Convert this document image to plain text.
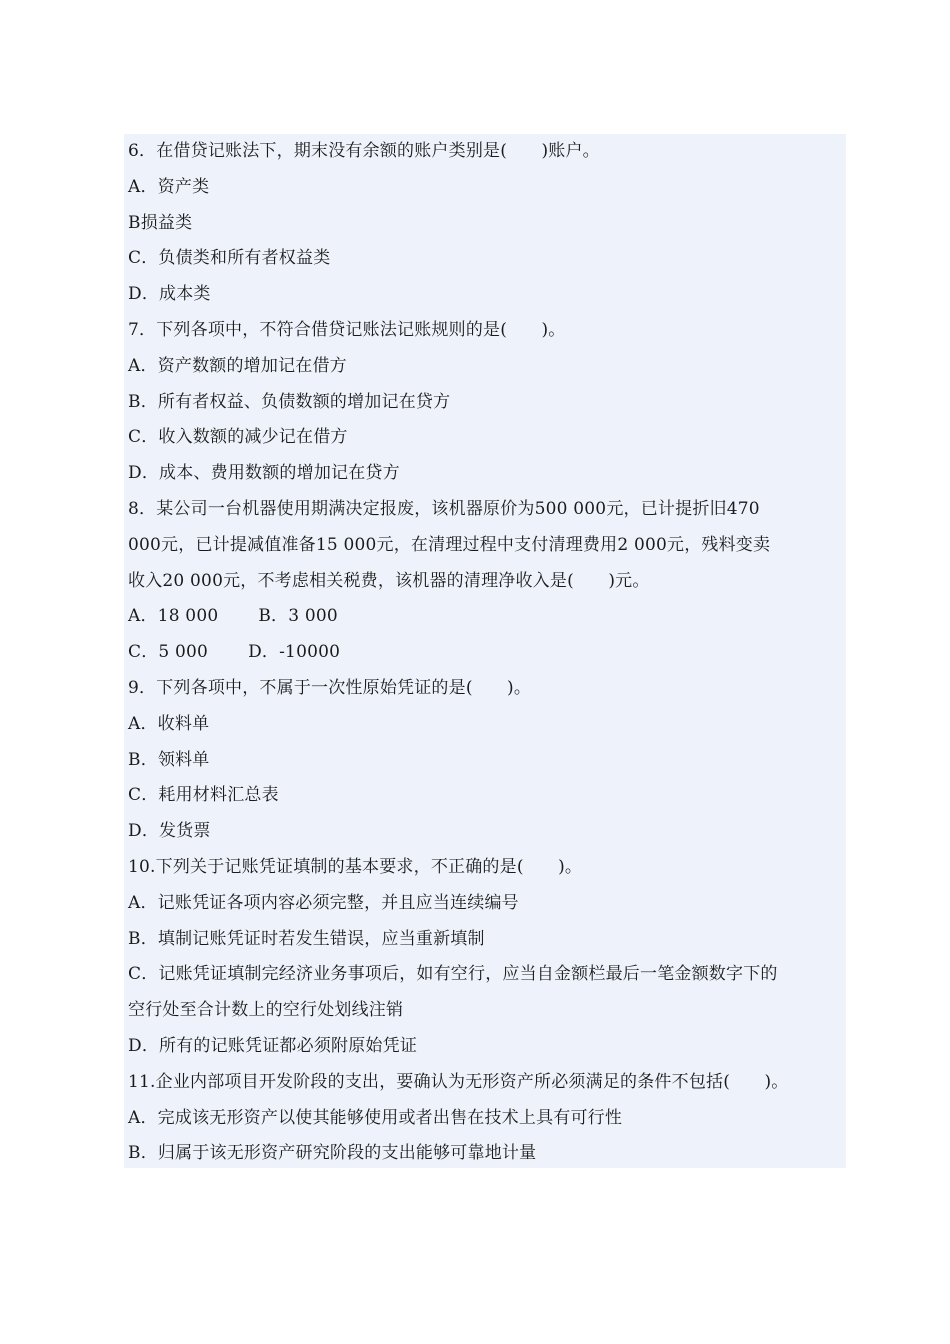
6．在借贷记账法下，期末没有余额的账户类别是(　　)账户。
A．资产类
B损益类
C．负债类和所有者权益类
D．成本类
7．下列各项中，不符合借贷记账法记账规则的是(　　)。
A．资产数额的增加记在借方
B．所有者权益、负债数额的增加记在贷方
C．收入数额的减少记在借方
D．成本、费用数额的增加记在贷方
8．某公司一台机器使用期满决定报废，该机器原价为500 000元，已计提折旧470
000元，已计提减值准备15 000元，在清理过程中支付清理费用2 000元，残料变卖
收入20 000元，不考虑相关税费，该机器的清理净收入是(　　)元。
A．18 000　　 B．3 000
C．5 000　　 D．-10000
9．下列各项中，不属于一次性原始凭证的是(　　)。
A．收料单
B．领料单
C．耗用材料汇总表
D．发货票
10.下列关于记账凭证填制的基本要求，不正确的是(　　)。
A．记账凭证各项内容必须完整，并且应当连续编号
B．填制记账凭证时若发生错误，应当重新填制
C．记账凭证填制完经济业务事项后，如有空行，应当自金额栏最后一笔金额数字下的
空行处至合计数上的空行处划线注销
D．所有的记账凭证都必须附原始凭证
11.企业内部项目开发阶段的支出，要确认为无形资产所必须满足的条件不包括(　　)。
A．完成该无形资产以使其能够使用或者出售在技术上具有可行性
B．归属于该无形资产研究阶段的支出能够可靠地计量
